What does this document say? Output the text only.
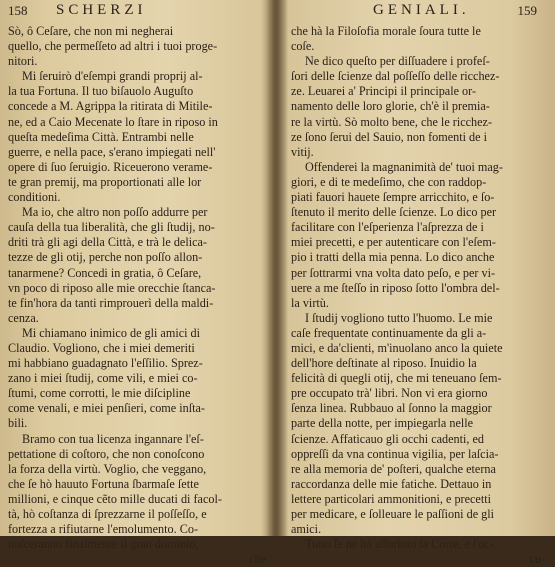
158 SCHERZI
Sò, ô Ceſare, che non mi negherai
quello, che permeſſeto ad altri i tuoi proge-
nitori.
Mi ſeruirò d'eſempi grandi proprij al-
la tua Fortuna. Il tuo biſauolo Auguſto
concede a M. Agrippa la ritirata di Mitile-
ne, ed a Caio Mecenate lo ſtare in riposo in
queſta medeſima Città. Entrambi nelle
guerre, e nella pace, s'erano impiegati nell'
opere di ſuo ſeruigio. Riceuerono verame-
te gran premij, ma proportionati alle lor
conditioni.
Ma io, che altro non poſſo addurre per
cauſa della tua liberalità, che gli ſtudij, no-
driti trà gli agi della Città, e trà le delica-
tezze de gli otij, perche non poſſo allon-
tanarmene? Concedi in gratia, ô Ceſare,
vn poco di riposo alle mie orecchie ſtanca-
te fin'hora da tanti rimprouerì della maldi-
cenza.
Mi chiamano inimico de gli amici di
Claudio. Vogliono, che i miei demeriti
mi habbiano guadagnato l'eſſilio. Sprez-
zano i miei ſtudij, come vili, e miei co-
ſtumi, come corrotti, le mie diſcipline
come venali, e miei penſieri, come inſta-
bili.
Bramo con tua licenza ingannare l'eſ-
pettatione di coſtoro, che non conoſcono
la forza della virtù. Voglio, che veggano,
che ſe hò hauuto Fortuna ſbarmaſe ſette
millioni, e cinque cẽto mille ducati di facol-
tà, hò coſtanza di ſprezzarne il poſſeſſo, e
fortezza a rifiutarne l'emolumento. Co-
noſceranno finalmente il gran dominio,
che
GENIALI.	159
che hà la Filoſofia morale ſoura tutte le
coſe.
Ne dico queſto per diſſuadere i profeſ-
ſori delle ſcienze dal poſſeſſo delle ricchez-
ze. Leuarei a' Principi il principale or-
namento delle loro glorie, ch'è il premia-
re la virtù. Sò molto bene, che le ricchez-
ze ſono ſerui del Sauio, non fomenti de i
vitij.
Offenderei la magnanimità de' tuoi mag-
giori, e di te medeſimo, che con raddop-
piati fauori hauete ſempre arricchito, e ſo-
ſtenuto il merito delle ſcienze. Lo dico per
facilitare con l'eſperienza l'aſprezza de i
miei precetti, e per autenticare con l'eſem-
pio i tratti della mia penna. Lo dico anche
per ſottrarmi vna volta dato peſo, e per vi-
uere a me ſteſſo in riposo ſotto l'ombra del-
la virtù.
I ſtudij vogliono tutto l'huomo. Le mie
caſe frequentate continuamente da gli a-
mici, e da'clienti, m'inuolano anco la quiete
dell'hore deſtinate al riposo. Inuidio la
felicità di quegli otij, che mi teneuano ſem-
pre occupato trà' libri. Non vi era giorno
ſenza linea. Rubbauo al ſonno la maggior
parte della notte, per impiegarla nelle
ſcienze. Affaticauo gli occhi cadenti, ed
oppreſſi da vna continua vigilia, per laſcia-
re alla memoria de' poſteri, qualche eterna
raccordanza delle mie fatiche. Dettauo in
lettere particolari ammonitioni, e precetti
per medicare, e ſolleuare le paſſioni de gli
amici.
Tutto ſe ne hà aſſorbito la Corte, e l'oc-
cu-
